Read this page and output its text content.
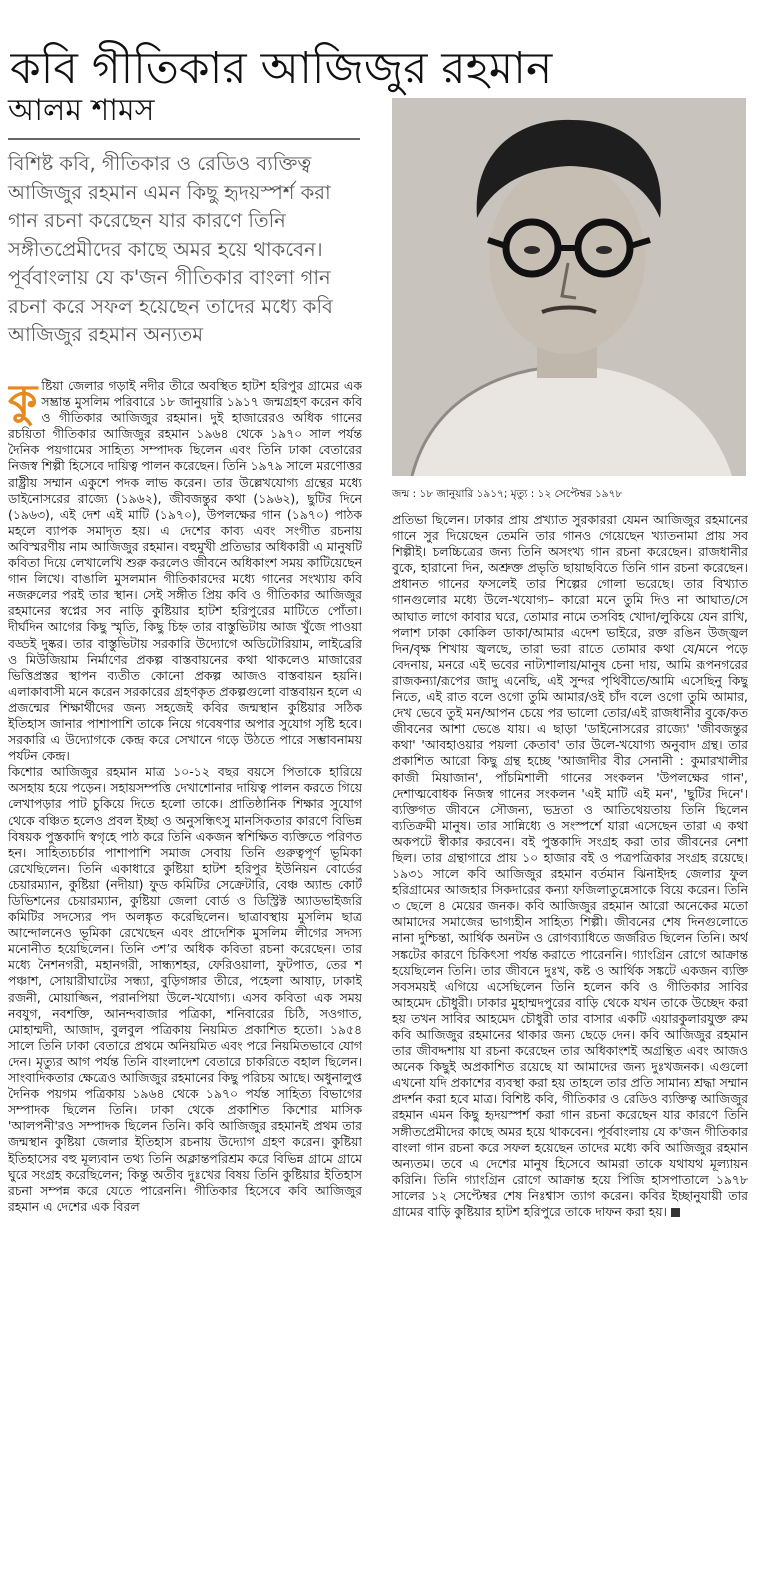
কবি গীতিকার আজিজুর রহমান
আলম শামস
বিশিষ্ট কবি, গীতিকার ও রেডিও ব্যক্তিত্ব আজিজুর রহমান এমন কিছু হৃদয়স্পর্শ করা গান রচনা করেছেন যার কারণে তিনি সঙ্গীতপ্রেমীদের কাছে অমর হয়ে থাকবেন। পূর্ববাংলায় যে ক'জন গীতিকার বাংলা গান রচনা করে সফল হয়েছেন তাদের মধ্যে কবি আজিজুর রহমান অন্যতম
জন্ম : ১৮ জানুয়ারি ১৯১৭; মৃত্যু : ১২ সেপ্টেম্বর ১৯৭৮

কু ষ্টিয়া জেলার গড়াই নদীর তীরে অবস্থিত হাটশ হরিপুর গ্রামের এক সম্ভ্রান্ত মুসলিম পরিবারে ১৮ জানুয়ারি ১৯১৭ জন্মগ্রহণ করেন কবি ও গীতিকার আজিজুর রহমান। দুই হাজারেরও অধিক গানের রচয়িতা গীতিকার আজিজুর রহমান ১৯৬৪ থেকে ১৯৭০ সাল পর্যন্ত দৈনিক পয়গামের সাহিত্য সম্পাদক ছিলেন এবং তিনি ঢাকা বেতারের নিজস্ব শিল্পী হিসেবে দায়িত্ব পালন করেছেন। তিনি ১৯৭৯ সালে মরণোত্তর রাষ্ট্রীয় সম্মান একুশে পদক লাভ করেন। তার উল্লেখযোগ্য গ্রন্থের মধ্যে ডাইনোসরের রাজ্যে (১৯৬২), জীবজন্তুর কথা (১৯৬২), ছুটির দিনে (১৯৬৩), এই দেশ এই মাটি (১৯৭০), উপলক্ষের গান (১৯৭০) পাঠক মহলে ব্যাপক সমাদৃত হয়। এ দেশের কাব্য এবং সংগীত রচনায় অবিস্মরণীয় নাম আজিজুর রহমান। বহুমুখী প্রতিভার অধিকারী এ মানুষটি কবিতা দিয়ে লেখালেখি শুরু করলেও জীবনে অধিকাংশ সময় কাটিয়েছেন গান লিখে। বাঙালি মুসলমান গীতিকারদের মধ্যে গানের সংখ্যায় কবি নজরুলের পরই তার স্থান। সেই সঙ্গীত প্রিয় কবি ও গীতিকার আজিজুর রহমানের স্বপ্নের সব নাড়ি কুষ্টিয়ার হাটশ হরিপুরের মাটিতে পোঁতা। দীর্ঘদিন আগের কিছু স্মৃতি, কিছু চিহ্ন তার বাস্তুভিটায় আজ খুঁজে পাওয়া বড্ডই দুষ্কর। তার বাস্তুভিটায় সরকারি উদ্যোগে অডিটোরিয়াম, লাইব্রেরি ও মিউজিয়াম নির্মাণের প্রকল্প বাস্তবায়নের কথা থাকলেও মাজারের ভিত্তিপ্রস্তর স্থাপন ব্যতীত কোনো প্রকল্প আজও বাস্তবায়ন হয়নি। এলাকাবাসী মনে করেন সরকারের গ্রহণকৃত প্রকল্পগুলো বাস্তবায়ন হলে এ প্রজন্মের শিক্ষার্থীদের জন্য সহজেই কবির জন্মস্থান কুষ্টিয়ার সঠিক ইতিহাস জানার পাশাপাশি তাকে নিয়ে গবেষণার অপার সুযোগ সৃষ্টি হবে। সরকারি এ উদ্যোগকে কেন্দ্র করে সেখানে গড়ে উঠতে পারে সম্ভাবনাময় পর্যটন কেন্দ্র।

কিশোর আজিজুর রহমান মাত্র ১০-১২ বছর বয়সে পিতাকে হারিয়ে অসহায় হয়ে পড়েন। সহায়সম্পত্তি দেখাশোনার দায়িত্ব পালন করতে গিয়ে লেখাপড়ার পাট চুকিয়ে দিতে হলো তাকে। প্রাতিষ্ঠানিক শিক্ষার সুযোগ থেকে বঞ্চিত হলেও প্রবল ইচ্ছা ও অনুসন্ধিৎসু মানসিকতার কারণে বিভিন্ন বিষয়ক পুস্তকাদি স্বগৃহে পাঠ করে তিনি একজন স্বশিক্ষিত ব্যক্তিতে পরিণত হন। সাহিত্যচর্চার পাশাপাশি সমাজ সেবায় তিনি গুরুত্বপূর্ণ ভূমিকা রেখেছিলেন। তিনি একাধারে কুষ্টিয়া হাটশ হরিপুর ইউনিয়ন বোর্ডের চেয়ারম্যান, কুষ্টিয়া (নদীয়া) ফুড কমিটির সেক্রেটারি, বেঞ্চ অ্যান্ড কোর্ট ডিভিশনের চেয়ারম্যান, কুষ্টিয়া জেলা বোর্ড ও ডিস্ট্রিক্ট অ্যাডভাইজরি কমিটির সদস্যের পদ অলঙ্কৃত করেছিলেন। ছাত্রাবস্থায় মুসলিম ছাত্র আন্দোলনেও ভূমিকা রেখেছেন এবং প্রাদেশিক মুসলিম লীগের সদস্য মনোনীত হয়েছিলেন। তিনি ৩শ’র অধিক কবিতা রচনা করেছেন। তার মধ্যে নৈশনগরী, মহানগরী, সান্ধ্যশহর, ফেরিওয়ালা, ফুটপাত, তের শ পঞ্চাশ, সোয়ারীঘাটের সন্ধ্যা, বুড়িগঙ্গার তীরে, পহেলা আষাঢ়, ঢাকাই রজনী, মোয়াজ্জিন, পরানপিয়া উলে-খযোগ্য। এসব কবিতা এক সময় নবযুগ, নবশক্তি, আনন্দবাজার পত্রিকা, শনিবারের চিঠি, সওগাত, মোহাম্মদী, আজাদ, বুলবুল পত্রিকায় নিয়মিত প্রকাশিত হতো। ১৯৫৪ সালে তিনি ঢাকা বেতারে প্রথমে অনিয়মিত এবং পরে নিয়মিতভাবে যোগ দেন। মৃত্যুর আগ পর্যন্ত তিনি বাংলাদেশ বেতারে চাকরিতে বহাল ছিলেন। সাংবাদিকতার ক্ষেত্রেও আজিজুর রহমানের কিছু পরিচয় আছে। অধুনালুপ্ত দৈনিক পয়গম পত্রিকায় ১৯৬৪ থেকে ১৯৭০ পর্যন্ত সাহিত্য বিভাগের সম্পাদক ছিলেন তিনি। ঢাকা থেকে প্রকাশিত কিশোর মাসিক 'আলপনী'রও সম্পাদক ছিলেন তিনি। কবি আজিজুর রহমানই প্রথম তার জন্মস্থান কুষ্টিয়া জেলার ইতিহাস রচনায় উদ্যোগ গ্রহণ করেন। কুষ্টিয়া ইতিহাসের বহু মূল্যবান তথ্য তিনি অক্লান্তপরিশ্রম করে বিভিন্ন গ্রামে গ্রামে ঘুরে সংগ্রহ করেছিলেন; কিন্তু অতীব দুঃখের বিষয় তিনি কুষ্টিয়ার ইতিহাস রচনা সম্পন্ন করে যেতে পারেননি। গীতিকার হিসেবে কবি আজিজুর রহমান এ দেশের এক বিরল

প্রতিভা ছিলেন। ঢাকার প্রায় প্রখ্যাত সুরকাররা যেমন আজিজুর রহমানের গানে সুর দিয়েছেন তেমনি তার গানও গেয়েছেন খ্যাতনামা প্রায় সব শিল্পীই। চলচ্চিত্রের জন্য তিনি অসংখ্য গান রচনা করেছেন। রাজধানীর বুকে, হারানো দিন, অশ্রুক্ত প্রভৃতি ছায়াছবিতে তিনি গান রচনা করেছেন। প্রধানত গানের ফসলেই তার শিল্পের গোলা ভরেছে। তার বিখ্যাত গানগুলোর মধ্যে উলে-খযোগ্য– কারো মনে তুমি দিও না আঘাত/সে আঘাত লাগে কাবার ঘরে, তোমার নামে তসবিহ খোদা/লুকিয়ে যেন রাখি, পলাশ ঢাকা কোকিল ডাকা/আমার এদেশ ভাইরে, রক্ত রঙিন উজ্জ্বল দিন/বৃক্ষ শিখায় জ্বলছে, তারা ভরা রাতে তোমার কথা যে/মনে পড়ে বেদনায়, মনরে এই ভবের নাট্যশালায়/মানুষ চেনা দায়, আমি রূপনগরের রাজকন্যা/রূপের জাদু এনেছি, এই সুন্দর পৃথিবীতে/আমি এসেছিনু কিছু নিতে, এই রাত বলে ওগো তুমি আমার/ওই চাঁদ বলে ওগো তুমি আমার, দেখ ভেবে তুই মন/আপন চেয়ে পর ভালো তোর/এই রাজধানীর বুকে/কত জীবনের আশা ভেঙে যায়। এ ছাড়া 'ডাইনোসরের রাজ্যে' 'জীবজন্তুর কথা' 'আবহাওয়ার পয়লা কেতাব' তার উলে-খযোগ্য অনুবাদ গ্রন্থ। তার প্রকাশিত আরো কিছু গ্রন্থ হচ্ছে 'আজাদীর বীর সেনানী : কুমারখালীর কাজী মিয়াজান', পাঁচমিশালী গানের সংকলন 'উপলক্ষের গান', দেশাত্মবোধক নিজস্ব গানের সংকলন 'এই মাটি এই মন', 'ছুটির দিনে'। ব্যক্তিগত জীবনে সৌজন্য, ভদ্রতা ও আতিথেয়তায় তিনি ছিলেন ব্যতিক্রমী মানুষ। তার সান্নিধ্যে ও সংস্পর্শে যারা এসেছেন তারা এ কথা অকপটে স্বীকার করবেন। বই পুস্তকাদি সংগ্রহ করা তার জীবনের নেশা ছিল। তার গ্রন্থাগারে প্রায় ১০ হাজার বই ও পত্রপত্রিকার সংগ্রহ রয়েছে। ১৯৩১ সালে কবি আজিজুর রহমান বর্তমান ঝিনাইদহ জেলার ফুল হরিগ্রামের আজহার সিকদারের কন্যা ফজিলাতুন্নেসাকে বিয়ে করেন। তিনি ৩ ছেলে ৪ মেয়ের জনক। কবি আজিজুর রহমান আরো অনেকের মতো আমাদের সমাজের ভাগ্যহীন সাহিত্য শিল্পী। জীবনের শেষ দিনগুলোতে নানা দুশ্চিন্তা, আর্থিক অনটন ও রোগব্যাধিতে জর্জরিত ছিলেন তিনি। অর্থ সঙ্কটের কারণে চিকিৎসা পর্যন্ত করাতে পারেননি। গ্যাংগ্রিন রোগে আক্রান্ত হয়েছিলেন তিনি। তার জীবনে দুঃখ, কষ্ট ও আর্থিক সঙ্কটে একজন ব্যক্তি সবসময়ই এগিয়ে এসেছিলেন তিনি হলেন কবি ও গীতিকার সাবির আহমেদ চৌধুরী। ঢাকার মুহাম্মদপুরের বাড়ি থেকে যখন তাকে উচ্ছেদ করা হয় তখন সাবির আহমেদ চৌধুরী তার বাসার একটি এয়ারকুলারযুক্ত রুম কবি আজিজুর রহমানের থাকার জন্য ছেড়ে দেন। কবি আজিজুর রহমান তার জীবদ্দশায় যা রচনা করেছেন তার অধিকাংশই অগ্রন্থিত এবং আজও অনেক কিছুই অপ্রকাশিত রয়েছে যা আমাদের জন্য দুঃখজনক। এগুলো এখনো যদি প্রকাশের ব্যবস্থা করা হয় তাহলে তার প্রতি সামান্য শ্রদ্ধা সম্মান প্রদর্শন করা হবে মাত্র। বিশিষ্ট কবি, গীতিকার ও রেডিও ব্যক্তিত্ব আজিজুর রহমান এমন কিছু হৃদয়স্পর্শ করা গান রচনা করেছেন যার কারণে তিনি সঙ্গীতপ্রেমীদের কাছে অমর হয়ে থাকবেন। পূর্ববাংলায় যে ক'জন গীতিকার বাংলা গান রচনা করে সফল হয়েছেন তাদের মধ্যে কবি আজিজুর রহমান অন্যতম। তবে এ দেশের মানুষ হিসেবে আমরা তাকে যথাযথ মূল্যায়ন করিনি। তিনি গ্যাংগ্রিন রোগে আক্রান্ত হয়ে পিজি হাসপাতালে ১৯৭৮ সালের ১২ সেপ্টেম্বর শেষ নিঃশ্বাস ত্যাগ করেন। কবির ইচ্ছানুযায়ী তার গ্রামের বাড়ি কুষ্টিয়ার হাটশ হরিপুরে তাকে দাফন করা হয়।
